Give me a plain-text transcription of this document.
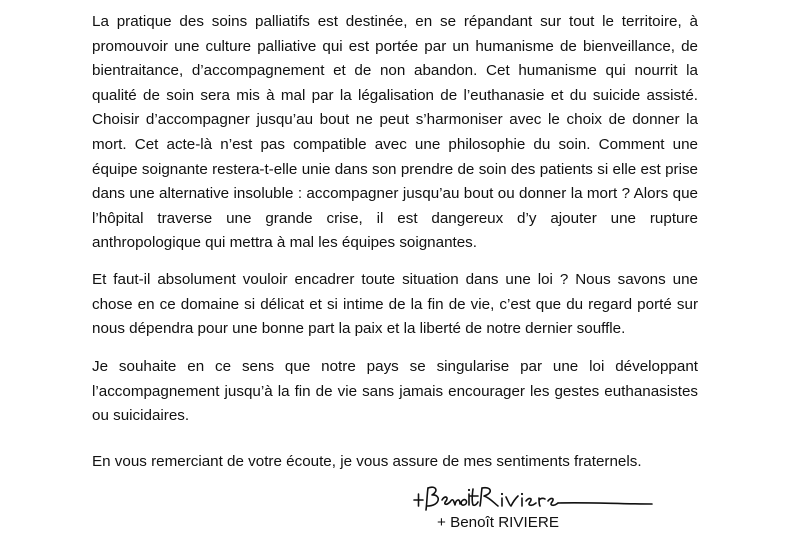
La pratique des soins palliatifs est destinée, en se répandant sur tout le territoire, à promouvoir une culture palliative qui est portée par un humanisme de bienveillance, de bientraitance, d’accompagnement et de non abandon. Cet humanisme qui nourrit la qualité de soin sera mis à mal par la légalisation de l’euthanasie et du suicide assisté. Choisir d’accompagner jusqu’au bout ne peut s’harmoniser avec le choix de donner la mort. Cet acte-là n’est pas compatible avec une philosophie du soin. Comment une équipe soignante restera-t-elle unie dans son prendre de soin des patients si elle est prise dans une alternative insoluble : accompagner jusqu’au bout ou donner la mort ? Alors que l’hôpital traverse une grande crise, il est dangereux d’y ajouter une rupture anthropologique qui mettra à mal les équipes soignantes.

Et faut-il absolument vouloir encadrer toute situation dans une loi ? Nous savons une chose en ce domaine si délicat et si intime de la fin de vie, c’est que du regard porté sur nous dépendra pour une bonne part la paix et la liberté de notre dernier souffle.

Je souhaite en ce sens que notre pays se singularise par une loi développant l’accompagnement jusqu’à la fin de vie sans jamais encourager les gestes euthanasistes ou suicidaires.

En vous remerciant de votre écoute, je vous assure de mes sentiments fraternels.

+ Benoît RIVIERE
